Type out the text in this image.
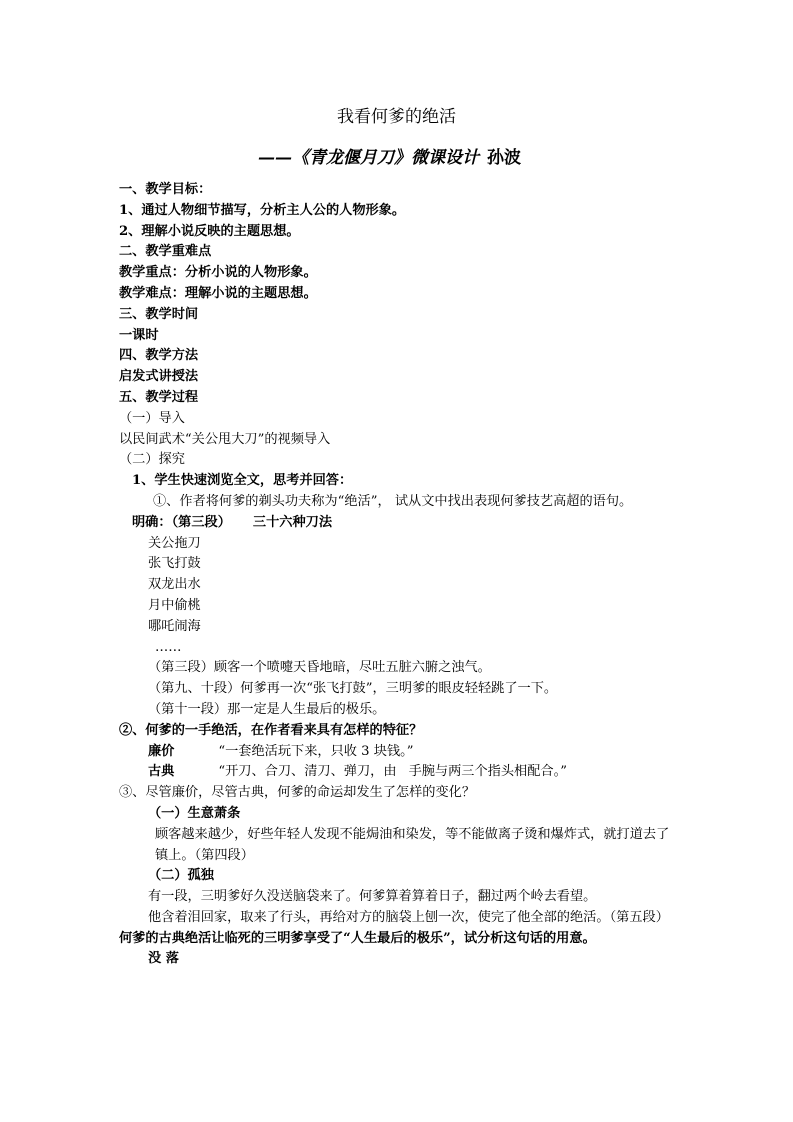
我看何爹的绝活
——《青龙偃月刀》微课设计 孙波
一、教学目标：
1、通过人物细节描写，分析主人公的人物形象。
2、理解小说反映的主题思想。
二、教学重难点
教学重点：分析小说的人物形象。
教学难点：理解小说的主题思想。
三、教学时间
一课时
四、教学方法
启发式讲授法
五、教学过程
（一）导入
以民间武术“关公甩大刀”的视频导入
（二）探究
1、学生快速浏览全文，思考并回答：
①、作者将何爹的剃头功夫称为“绝活”， 试从文中找出表现何爹技艺高超的语句。
明确：（第三段） 三十六种刀法
关公拖刀
张飞打鼓
双龙出水
月中偷桃
哪吒闹海
……
（第三段）顾客一个喷嚏天昏地暗，尽吐五脏六腑之浊气。
（第九、十段）何爹再一次“张飞打鼓”，三明爹的眼皮轻轻跳了一下。
（第十一段）那一定是人生最后的极乐。
②、何爹的一手绝活，在作者看来具有怎样的特征？
廉价	“一套绝活玩下来，只收 3 块钱。”
古典	“开刀、合刀、清刀、弹刀，由 手腕与两三个指头相配合。”
③、尽管廉价，尽管古典，何爹的命运却发生了怎样的变化？
（一）生意萧条
顾客越来越少，好些年轻人发现不能焗油和染发，等不能做离子烫和爆炸式，就打道去了镇上。（第四段）
（二）孤独
有一段，三明爹好久没送脑袋来了。何爹算着算着日子，翻过两个岭去看望。
他含着泪回家，取来了行头，再给对方的脑袋上刨一次，使完了他全部的绝活。（第五段）
何爹的古典绝活让临死的三明爹享受了“人生最后的极乐”，试分析这句话的用意。
没 落
